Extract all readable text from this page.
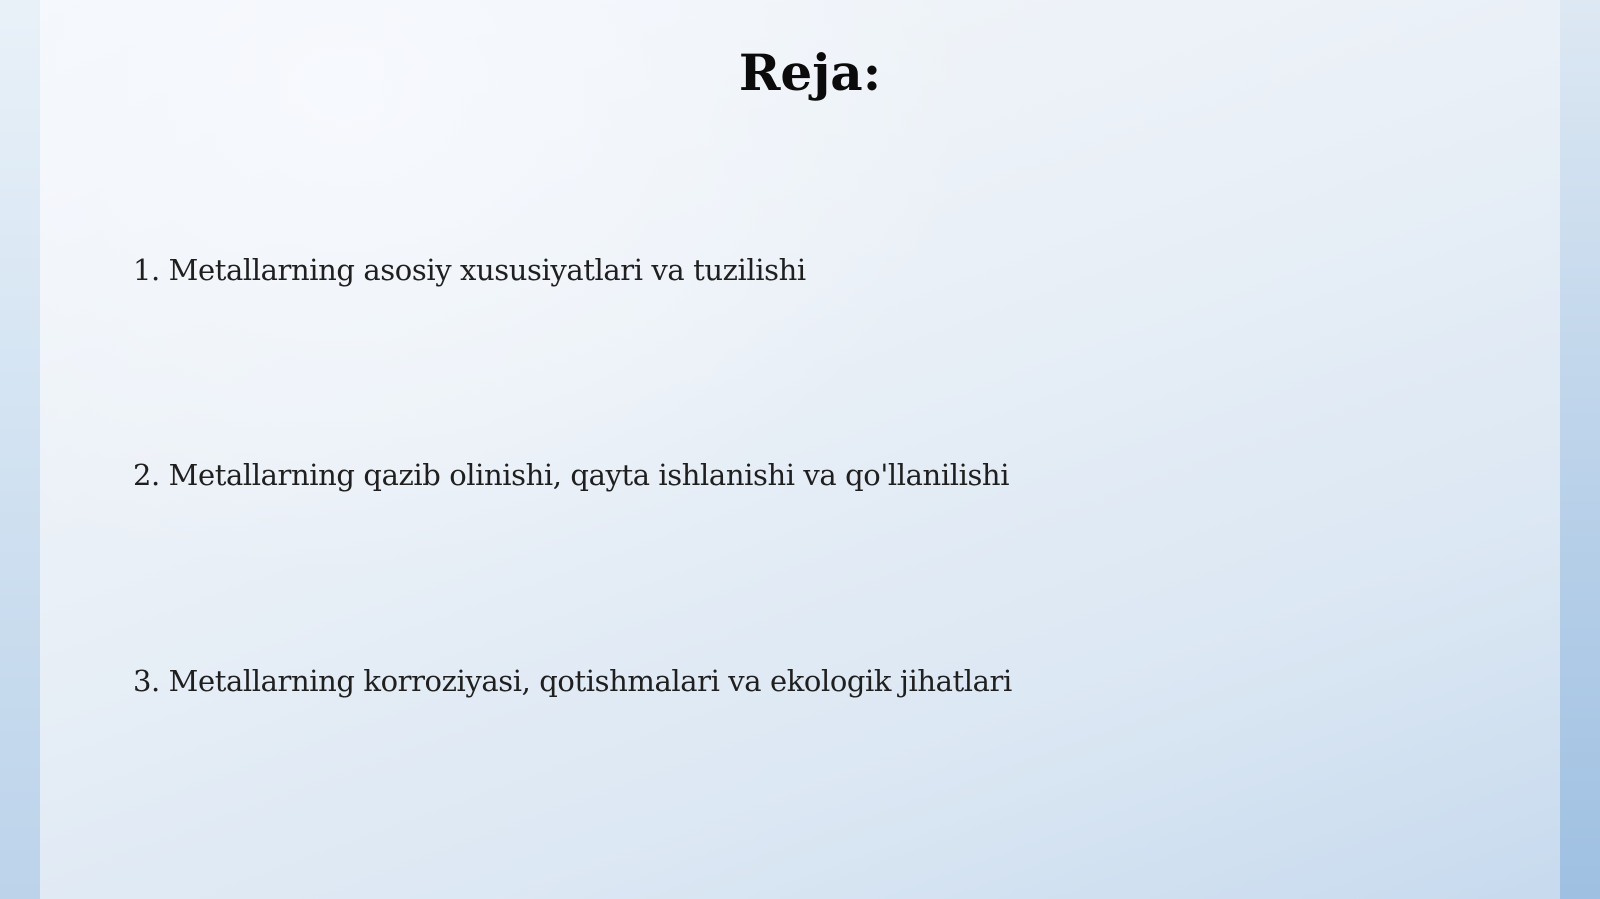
Reja:

1. Metallarning asosiy xususiyatlari va tuzilishi

2. Metallarning qazib olinishi, qayta ishlanishi va qo'llanilishi

3. Metallarning korroziyasi, qotishmalari va ekologik jihatlari
